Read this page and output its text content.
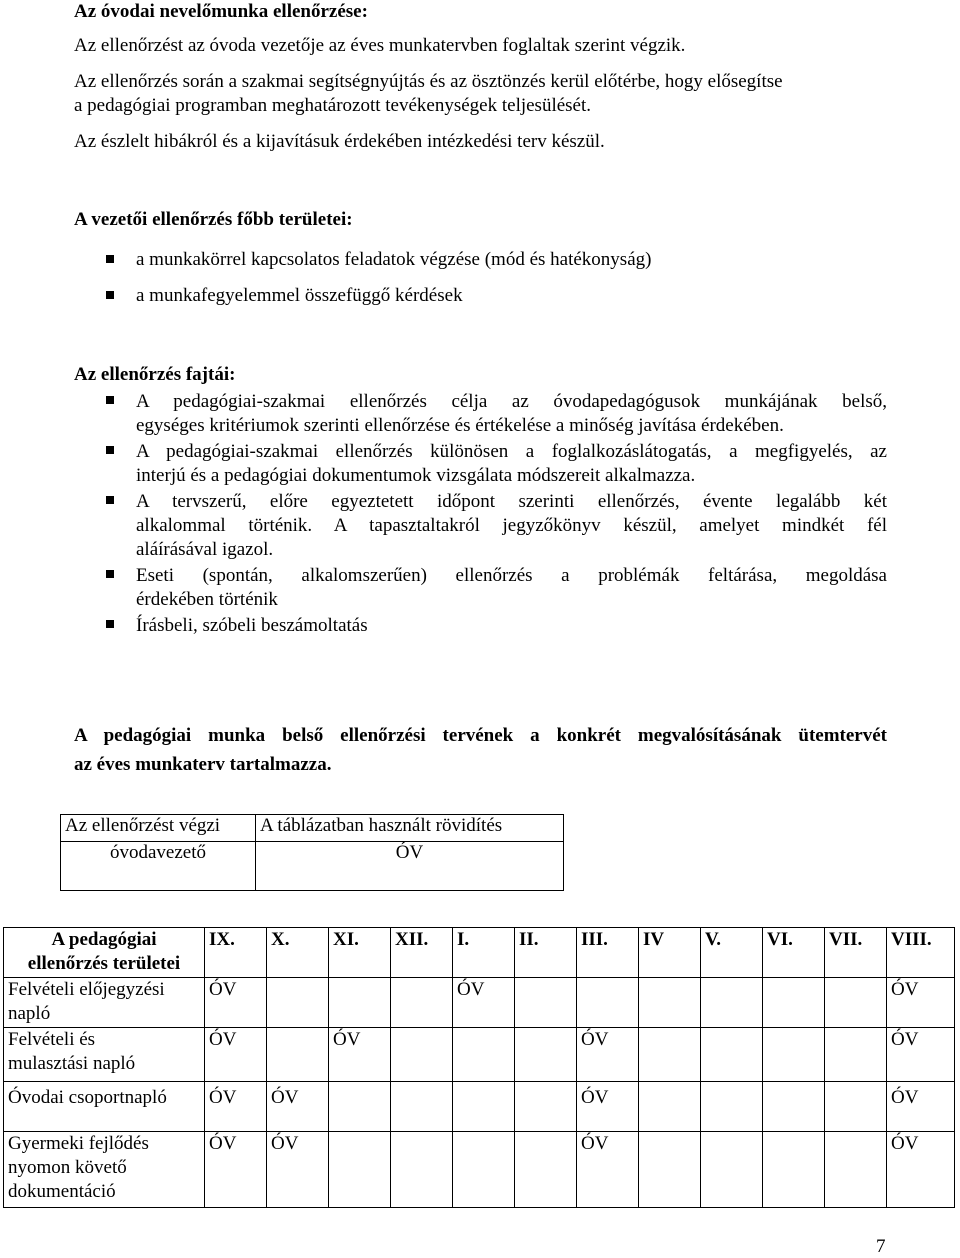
Az óvodai nevelőmunka ellenőrzése:
Az ellenőrzést az óvoda vezetője az éves munkatervben foglaltak szerint végzik.
Az ellenőrzés során a szakmai segítségnyújtás és az ösztönzés kerül előtérbe, hogy elősegítse
a pedagógiai programban meghatározott tevékenységek teljesülését.
Az észlelt hibákról és a kijavításuk érdekében intézkedési terv készül.
A vezetői ellenőrzés főbb területei:
a munkakörrel kapcsolatos feladatok végzése (mód és hatékonyság)
a munkafegyelemmel összefüggő kérdések
Az ellenőrzés fajtái:
A pedagógiai-szakmai ellenőrzés célja az óvodapedagógusok munkájának belső,
egységes kritériumok szerinti ellenőrzése és értékelése a minőség javítása érdekében.
A pedagógiai-szakmai ellenőrzés különösen a foglalkozáslátogatás, a megfigyelés, az
interjú és a pedagógiai dokumentumok vizsgálata módszereit alkalmazza.
A tervszerű, előre egyeztetett időpont szerinti ellenőrzés, évente legalább két
alkalommal történik. A tapasztaltakról jegyzőkönyv készül, amelyet mindkét fél
aláírásával igazol.
Eseti (spontán, alkalomszerűen) ellenőrzés a problémák feltárása, megoldása
érdekében történik
Írásbeli, szóbeli beszámoltatás
A pedagógiai munka belső ellenőrzési tervének a konkrét megvalósításának ütemtervét
az éves munkaterv tartalmazza.
Az ellenőrzést végzi	A táblázatban használt rövidítés
óvodavezető	ÓV
A pedagógiai
ellenőrzés területei	IX.	X.	XI.	XII.	I.	II.	III.	IV	V.	VI.	VII.	VIII.
Felvételi előjegyzési
napló	ÓV				ÓV							ÓV
Felvételi és
mulasztási napló	ÓV		ÓV				ÓV					ÓV
Óvodai csoportnapló	ÓV	ÓV					ÓV					ÓV
Gyermeki fejlődés
nyomon követő
dokumentáció	ÓV	ÓV					ÓV					ÓV
7
